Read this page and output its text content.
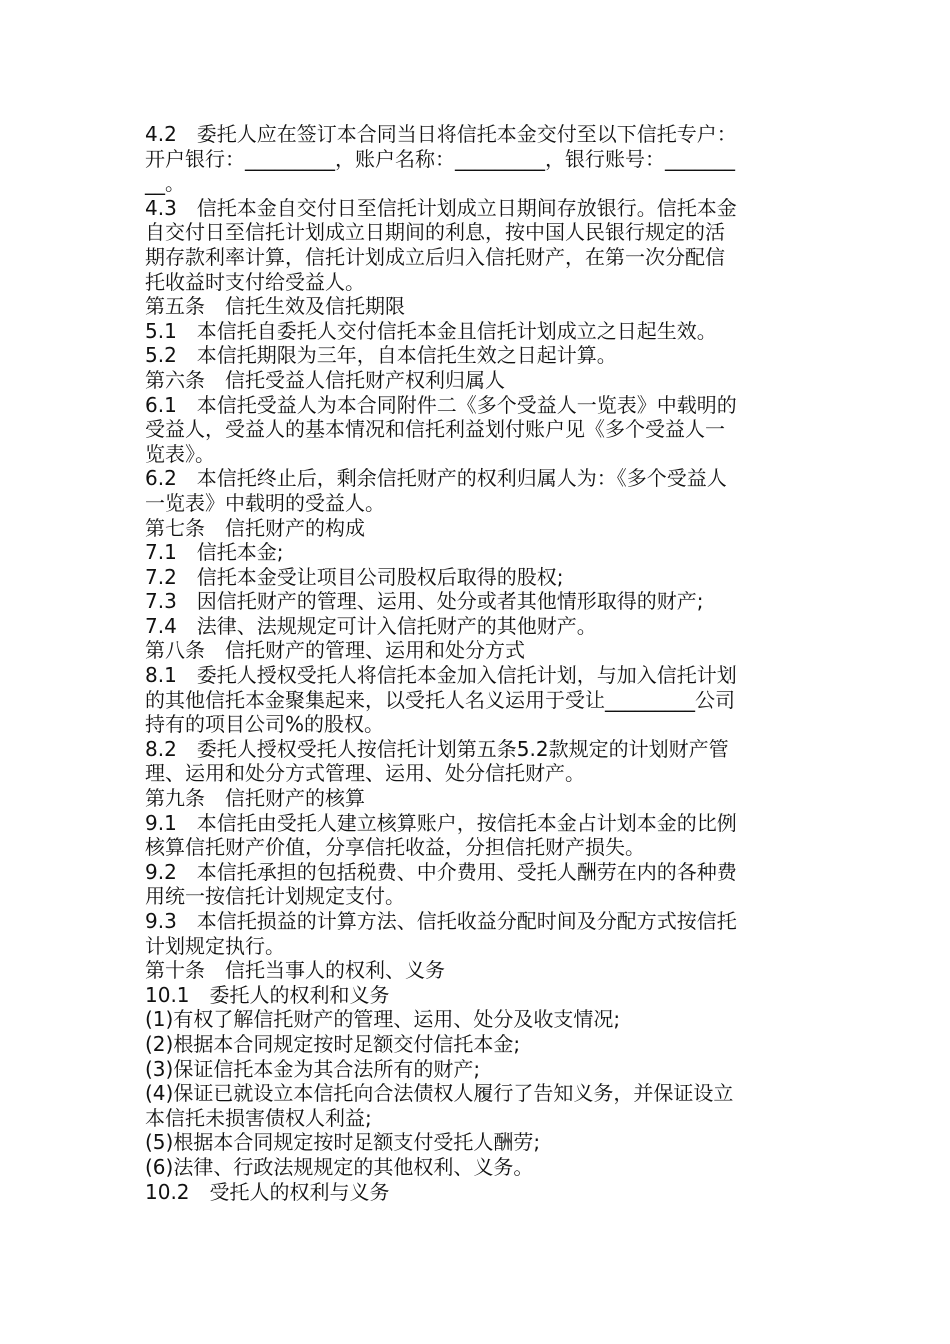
4.2　委托人应在签订本合同当日将信托本金交付至以下信托专户：
开户银行：_________，账户名称：_________，银行账号：_______
__。
4.3　信托本金自交付日至信托计划成立日期间存放银行。信托本金
自交付日至信托计划成立日期间的利息，按中国人民银行规定的活
期存款利率计算，信托计划成立后归入信托财产，在第一次分配信
托收益时支付给受益人。
第五条　信托生效及信托期限
5.1　本信托自委托人交付信托本金且信托计划成立之日起生效。
5.2　本信托期限为三年，自本信托生效之日起计算。
第六条　信托受益人信托财产权利归属人
6.1　本信托受益人为本合同附件二《多个受益人一览表》中载明的
受益人，受益人的基本情况和信托利益划付账户见《多个受益人一
览表》。
6.2　本信托终止后，剩余信托财产的权利归属人为：《多个受益人
一览表》中载明的受益人。
第七条　信托财产的构成
7.1　信托本金;
7.2　信托本金受让项目公司股权后取得的股权;
7.3　因信托财产的管理、运用、处分或者其他情形取得的财产;
7.4　法律、法规规定可计入信托财产的其他财产。
第八条　信托财产的管理、运用和处分方式
8.1　委托人授权受托人将信托本金加入信托计划，与加入信托计划
的其他信托本金聚集起来，以受托人名义运用于受让_________公司
持有的项目公司%的股权。
8.2　委托人授权受托人按信托计划第五条5.2款规定的计划财产管
理、运用和处分方式管理、运用、处分信托财产。
第九条　信托财产的核算
9.1　本信托由受托人建立核算账户，按信托本金占计划本金的比例
核算信托财产价值，分享信托收益，分担信托财产损失。
9.2　本信托承担的包括税费、中介费用、受托人酬劳在内的各种费
用统一按信托计划规定支付。
9.3　本信托损益的计算方法、信托收益分配时间及分配方式按信托
计划规定执行。
第十条　信托当事人的权利、义务
10.1　委托人的权利和义务
(1)有权了解信托财产的管理、运用、处分及收支情况;
(2)根据本合同规定按时足额交付信托本金;
(3)保证信托本金为其合法所有的财产;
(4)保证已就设立本信托向合法债权人履行了告知义务，并保证设立
本信托未损害债权人利益;
(5)根据本合同规定按时足额支付受托人酬劳;
(6)法律、行政法规规定的其他权利、义务。
10.2　受托人的权利与义务
